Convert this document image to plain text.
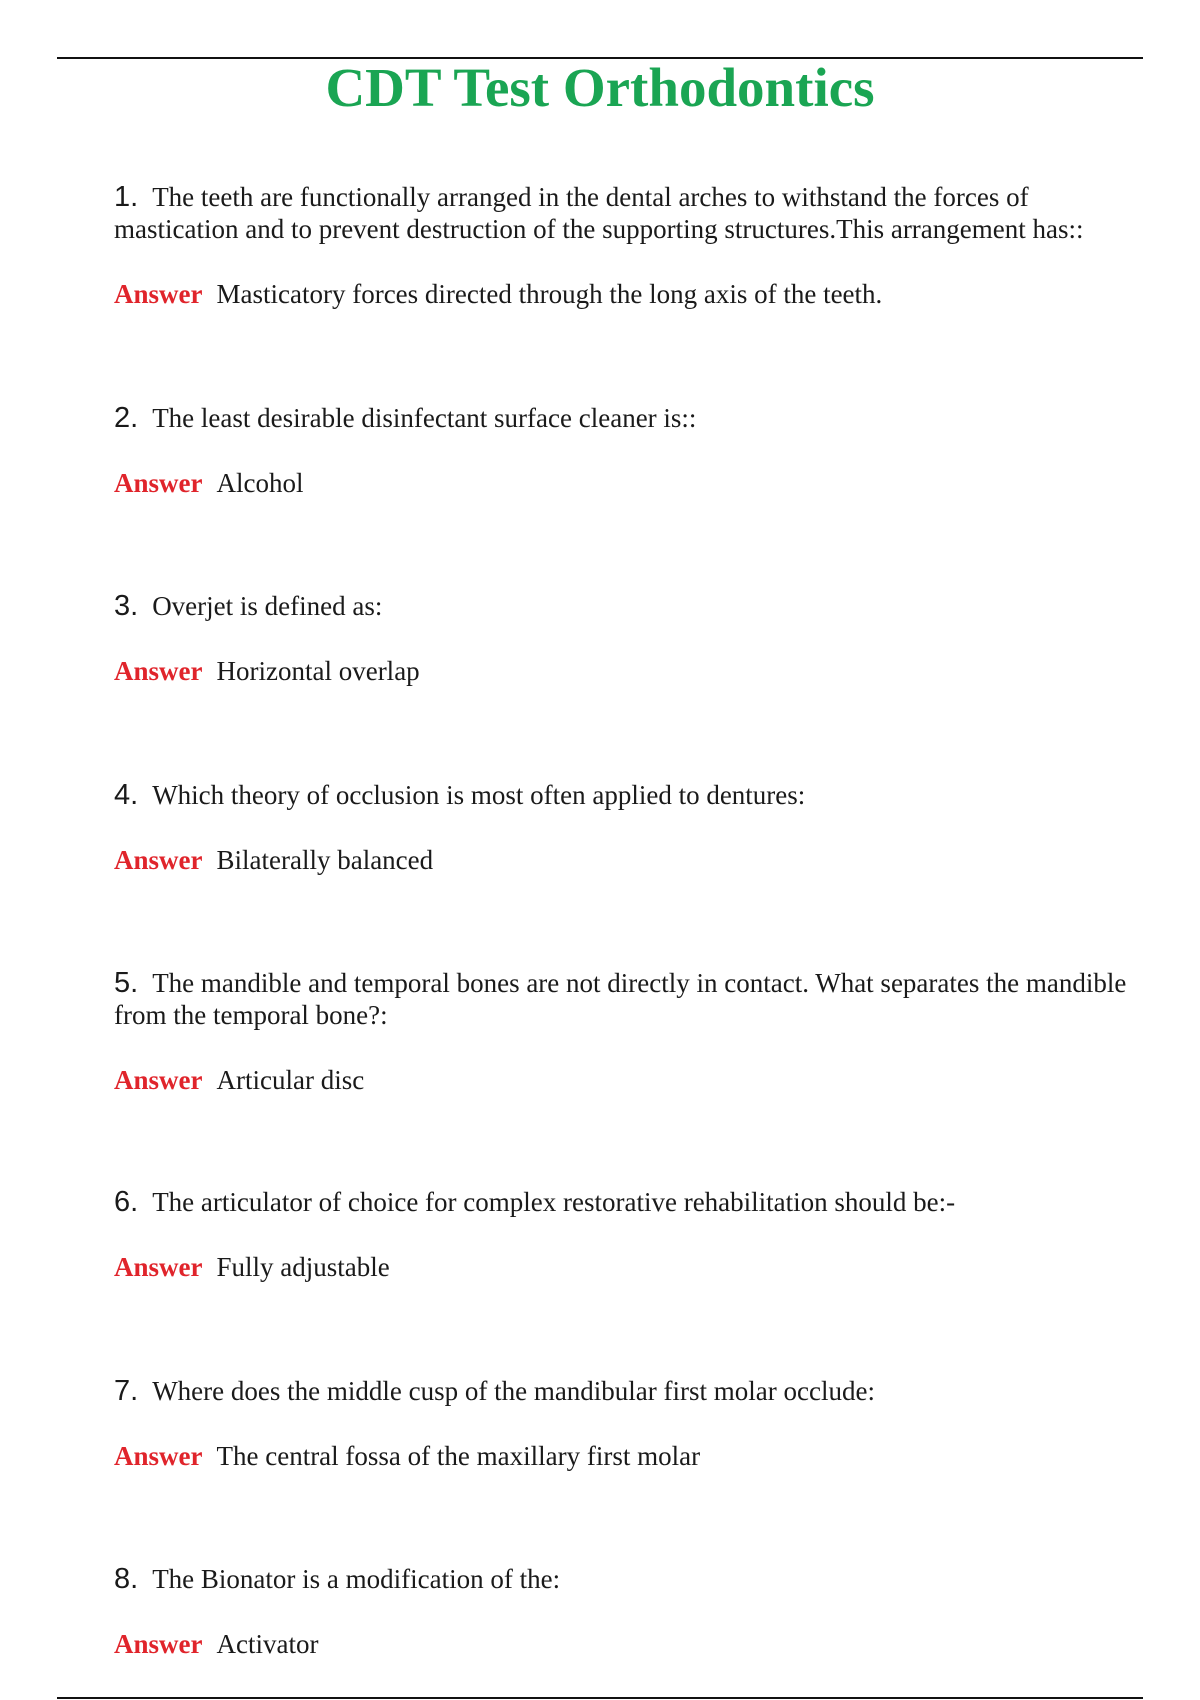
CDT Test Orthodontics

1. The teeth are functionally arranged in the dental arches to withstand the forces of mastication and to prevent destruction of the supporting structures.This arrangement has::

Answer Masticatory forces directed through the long axis of the teeth.

2. The least desirable disinfectant surface cleaner is::

Answer Alcohol

3. Overjet is defined as:

Answer Horizontal overlap

4. Which theory of occlusion is most often applied to dentures:

Answer Bilaterally balanced

5. The mandible and temporal bones are not directly in contact. What separates the mandible from the temporal bone?:

Answer Articular disc

6. The articulator of choice for complex restorative rehabilitation should be:-

Answer Fully adjustable

7. Where does the middle cusp of the mandibular first molar occlude:

Answer The central fossa of the maxillary first molar

8. The Bionator is a modification of the:

Answer Activator
